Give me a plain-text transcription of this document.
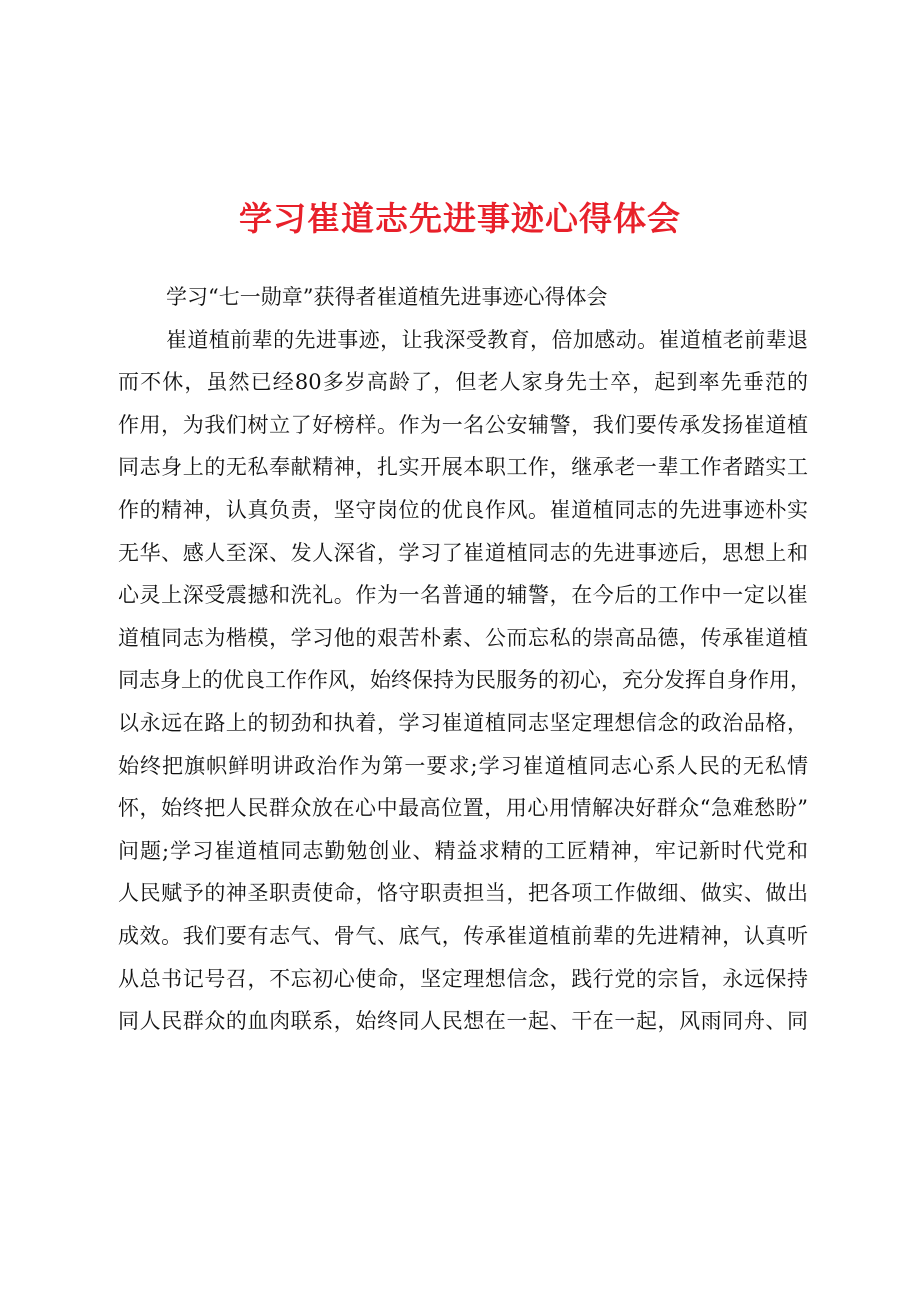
学习崔道志先进事迹心得体会
学习“七一勋章”获得者崔道植先进事迹心得体会
崔道植前辈的先进事迹，让我深受教育，倍加感动。崔道植老前辈退
而不休，虽然已经80多岁高龄了，但老人家身先士卒，起到率先垂范的
作用，为我们树立了好榜样。作为一名公安辅警，我们要传承发扬崔道植
同志身上的无私奉献精神，扎实开展本职工作，继承老一辈工作者踏实工
作的精神，认真负责，坚守岗位的优良作风。崔道植同志的先进事迹朴实
无华、感人至深、发人深省，学习了崔道植同志的先进事迹后，思想上和
心灵上深受震撼和洗礼。作为一名普通的辅警，在今后的工作中一定以崔
道植同志为楷模，学习他的艰苦朴素、公而忘私的崇高品德，传承崔道植
同志身上的优良工作作风，始终保持为民服务的初心，充分发挥自身作用，
以永远在路上的韧劲和执着，学习崔道植同志坚定理想信念的政治品格，
始终把旗帜鲜明讲政治作为第一要求;学习崔道植同志心系人民的无私情
怀，始终把人民群众放在心中最高位置，用心用情解决好群众“急难愁盼”
问题;学习崔道植同志勤勉创业、精益求精的工匠精神，牢记新时代党和
人民赋予的神圣职责使命，恪守职责担当，把各项工作做细、做实、做出
成效。我们要有志气、骨气、底气，传承崔道植前辈的先进精神，认真听
从总书记号召，不忘初心使命，坚定理想信念，践行党的宗旨，永远保持
同人民群众的血肉联系，始终同人民想在一起、干在一起，风雨同舟、同
